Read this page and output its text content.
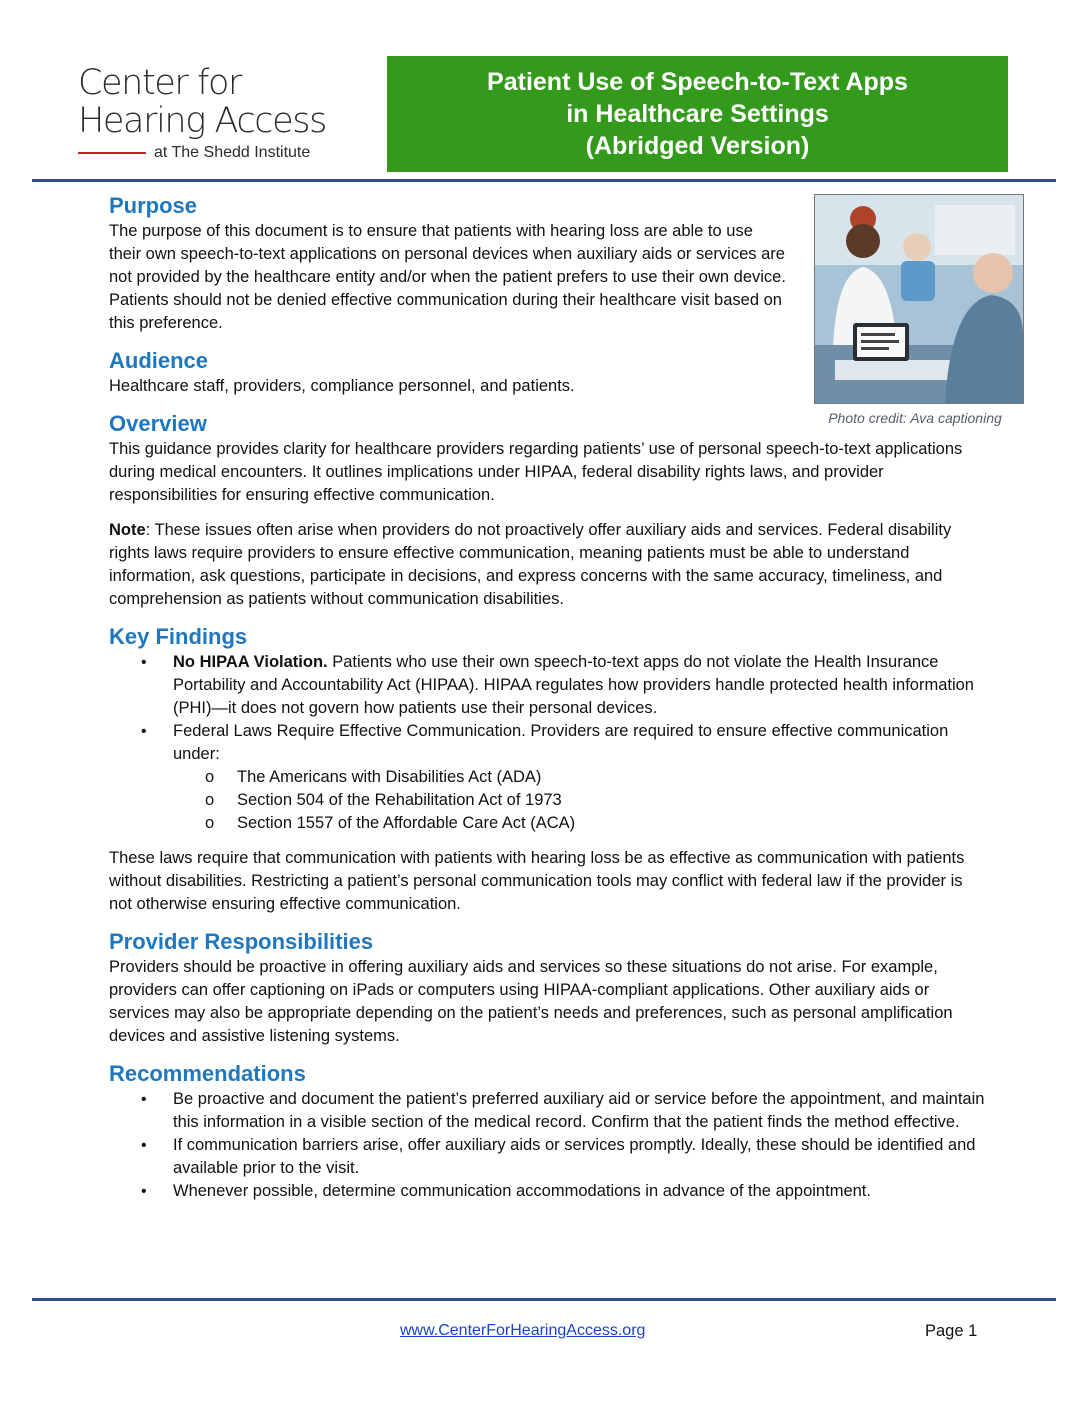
Center for
Hearing Access
at The Shedd Institute
Patient Use of Speech-to-Text Apps
in Healthcare Settings
(Abridged Version)
Photo credit: Ava captioning
Purpose

The purpose of this document is to ensure that patients with hearing loss are able to use their own speech-to-text applications on personal devices when auxiliary aids or services are not provided by the healthcare entity and/or when the patient prefers to use their own device. Patients should not be denied effective communication during their healthcare visit based on this preference.

Audience

Healthcare staff, providers, compliance personnel, and patients.

Overview

This guidance provides clarity for healthcare providers regarding patients’ use of personal speech-to-text applications during medical encounters. It outlines implications under HIPAA, federal disability rights laws, and provider responsibilities for ensuring effective communication.

Note: These issues often arise when providers do not proactively offer auxiliary aids and services. Federal disability rights laws require providers to ensure effective communication, meaning patients must be able to understand information, ask questions, participate in decisions, and express concerns with the same accuracy, timeliness, and comprehension as patients without communication disabilities.

Key Findings
• No HIPAA Violation. Patients who use their own speech-to-text apps do not violate the Health Insurance Portability and Accountability Act (HIPAA). HIPAA regulates how providers handle protected health information (PHI)—it does not govern how patients use their personal devices.
• Federal Laws Require Effective Communication. Providers are required to ensure effective communication under:
o The Americans with Disabilities Act (ADA)
o Section 504 of the Rehabilitation Act of 1973
o Section 1557 of the Affordable Care Act (ACA)

These laws require that communication with patients with hearing loss be as effective as communication with patients without disabilities. Restricting a patient’s personal communication tools may conflict with federal law if the provider is not otherwise ensuring effective communication.

Provider Responsibilities

Providers should be proactive in offering auxiliary aids and services so these situations do not arise. For example, providers can offer captioning on iPads or computers using HIPAA-compliant applications. Other auxiliary aids or services may also be appropriate depending on the patient’s needs and preferences, such as personal amplification devices and assistive listening systems.

Recommendations
• Be proactive and document the patient’s preferred auxiliary aid or service before the appointment, and maintain this information in a visible section of the medical record. Confirm that the patient finds the method effective.
• If communication barriers arise, offer auxiliary aids or services promptly. Ideally, these should be identified and available prior to the visit.
• Whenever possible, determine communication accommodations in advance of the appointment.
www.CenterForHearingAccess.org	Page 1
